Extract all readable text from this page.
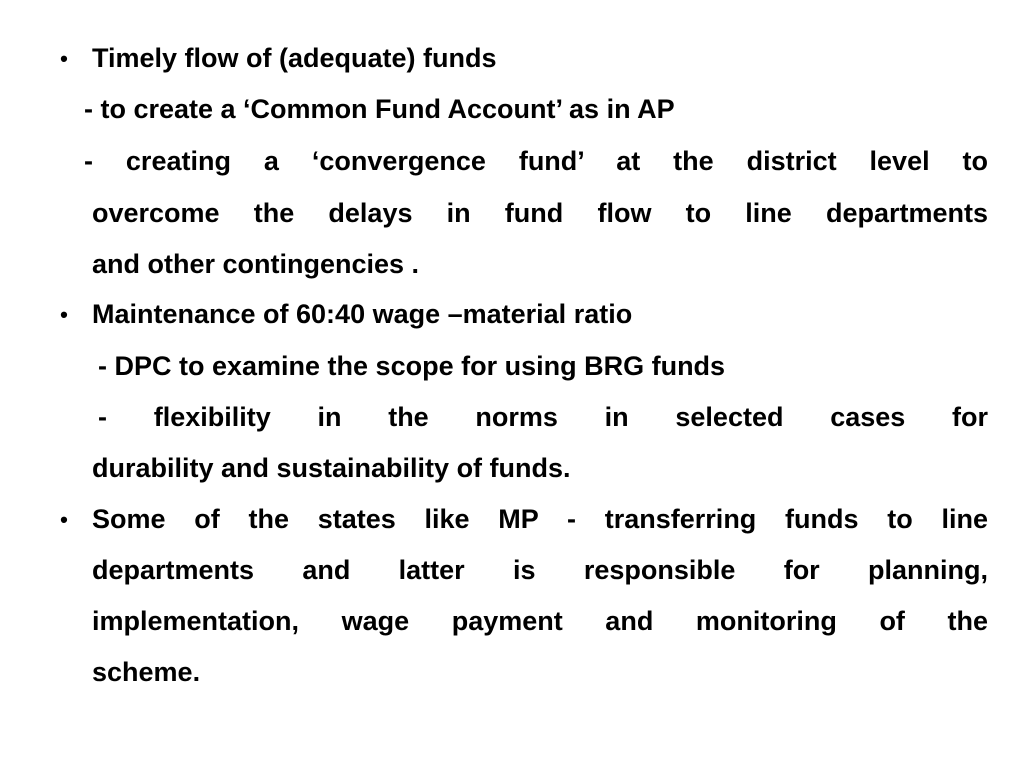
• Timely flow of (adequate) funds
- to create a ‘Common Fund Account’ as in AP
- creating a ‘convergence fund’ at the district level to
overcome the delays in fund flow to line departments
and other contingencies .
• Maintenance of 60:40 wage –material ratio
- DPC to examine the scope for using BRG funds
- flexibility in the norms in selected cases for
durability and sustainability of funds.
• Some of the states like MP - transferring funds to line
departments and latter is responsible for planning,
implementation, wage payment and monitoring of the
scheme.
